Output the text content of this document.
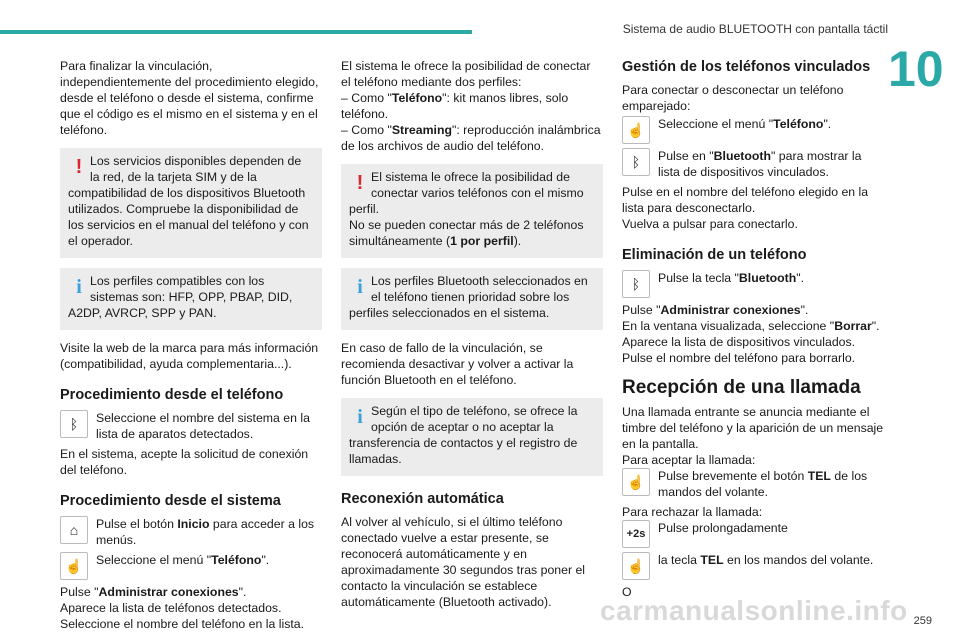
Sistema de audio BLUETOOTH con pantalla táctil
10

Para finalizar la vinculación, independientemente del procedimiento elegido, desde el teléfono o desde el sistema, confirme que el código es el mismo en el sistema y en el teléfono.

! Los servicios disponibles dependen de la red, de la tarjeta SIM y de la compatibilidad de los dispositivos Bluetooth utilizados. Compruebe la disponibilidad de los servicios en el manual del teléfono y con el operador.
i Los perfiles compatibles con los sistemas son: HFP, OPP, PBAP, DID, A2DP, AVRCP, SPP y PAN.

Visite la web de la marca para más información (compatibilidad, ayuda complementaria...).

Procedimiento desde el teléfono
ᛒ	Seleccione el nombre del sistema en la lista de aparatos detectados.

En el sistema, acepte la solicitud de conexión del teléfono.

Procedimiento desde el sistema
⌂	Pulse el botón Inicio para acceder a los menús.
☝	Seleccione el menú "Teléfono".

Pulse "Administrar conexiones".
Aparece la lista de teléfonos detectados.
Seleccione el nombre del teléfono en la lista.

El sistema le ofrece la posibilidad de conectar el teléfono mediante dos perfiles:
– Como "Teléfono": kit manos libres, solo teléfono.
– Como "Streaming": reproducción inalámbrica de los archivos de audio del teléfono.

! El sistema le ofrece la posibilidad de conectar varios teléfonos con el mismo perfil.
No se pueden conectar más de 2 teléfonos simultáneamente (1 por perfil).
i Los perfiles Bluetooth seleccionados en el teléfono tienen prioridad sobre los perfiles seleccionados en el sistema.

En caso de fallo de la vinculación, se recomienda desactivar y volver a activar la función Bluetooth en el teléfono.

i Según el tipo de teléfono, se ofrece la opción de aceptar o no aceptar la transferencia de contactos y el registro de llamadas.
Reconexión automática

Al volver al vehículo, si el último teléfono conectado vuelve a estar presente, se reconocerá automáticamente y en aproximadamente 30 segundos tras poner el contacto la vinculación se establece automáticamente (Bluetooth activado).

Gestión de los teléfonos vinculados

Para conectar o desconectar un teléfono emparejado:

☝	Seleccione el menú "Teléfono".
ᛒ	Pulse en "Bluetooth" para mostrar la lista de dispositivos vinculados.

Pulse en el nombre del teléfono elegido en la lista para desconectarlo.
Vuelva a pulsar para conectarlo.

Eliminación de un teléfono
ᛒ	Pulse la tecla "Bluetooth".

Pulse "Administrar conexiones".
En la ventana visualizada, seleccione "Borrar".
Aparece la lista de dispositivos vinculados.
Pulse el nombre del teléfono para borrarlo.

Recepción de una llamada

Una llamada entrante se anuncia mediante el timbre del teléfono y la aparición de un mensaje en la pantalla.

Para aceptar la llamada:
☝	Pulse brevemente el botón TEL de los mandos del volante.
Para rechazar la llamada:
+2s	Pulse prolongadamente
☝	la tecla TEL en los mandos del volante.
O
carmanualsonline.info 259
